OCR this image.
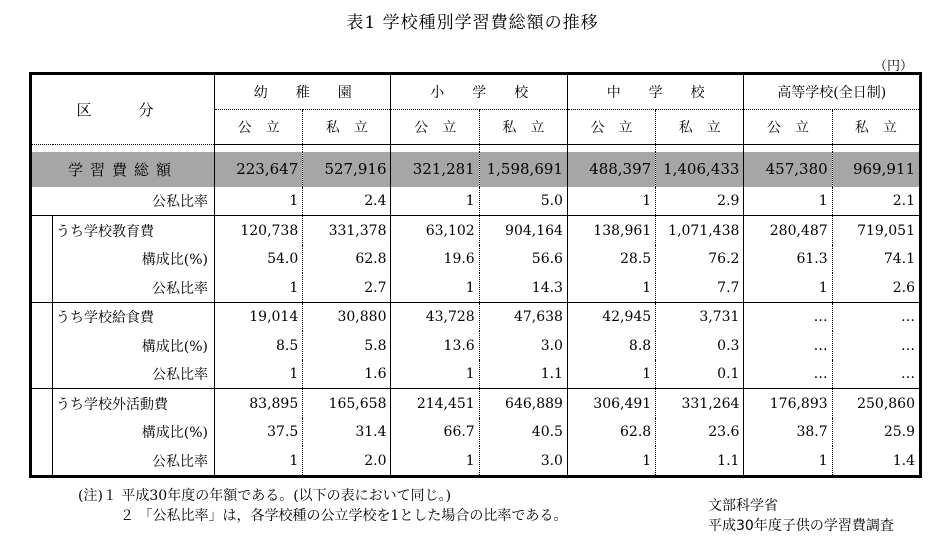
表1 学校種別学習費総額の推移
（円）
区　分	幼　　稚　　園		小　　学　　校		中　　学　　校		高等学校(全日制)	
	公　立	私　立	公　立	私　立	公　立	私　立	公　立	私　立

学習費総額	223,647	527,916	321,281	1,598,691	488,397	1,406,433	457,380	969,911
公私比率	1	2.4	1	5.0	1	2.9	1	2.1
うち学校教育費	120,738	331,378	63,102	904,164	138,961	1,071,438	280,487	719,051
構成比(%)	54.0	62.8	19.6	56.6	28.5	76.2	61.3	74.1
公私比率	1	2.7	1	14.3	1	7.7	1	2.6
うち学校給食費	19,014	30,880	43,728	47,638	42,945	3,731	…	…
構成比(%)	8.5	5.8	13.6	3.0	8.8	0.3	…	…
公私比率	1	1.6	1	1.1	1	0.1	…	…
うち学校外活動費	83,895	165,658	214,451	646,889	306,491	331,264	176,893	250,860
構成比(%)	37.5	31.4	66.7	40.5	62.8	23.6	38.7	25.9
公私比率	1	2.0	1	3.0	1	1.1	1	1.4
(注)１ 平成30年度の年額である。(以下の表において同じ。)
２ 「公私比率」は，各学校種の公立学校を1とした場合の比率である。
文部科学省
平成30年度子供の学習費調査
